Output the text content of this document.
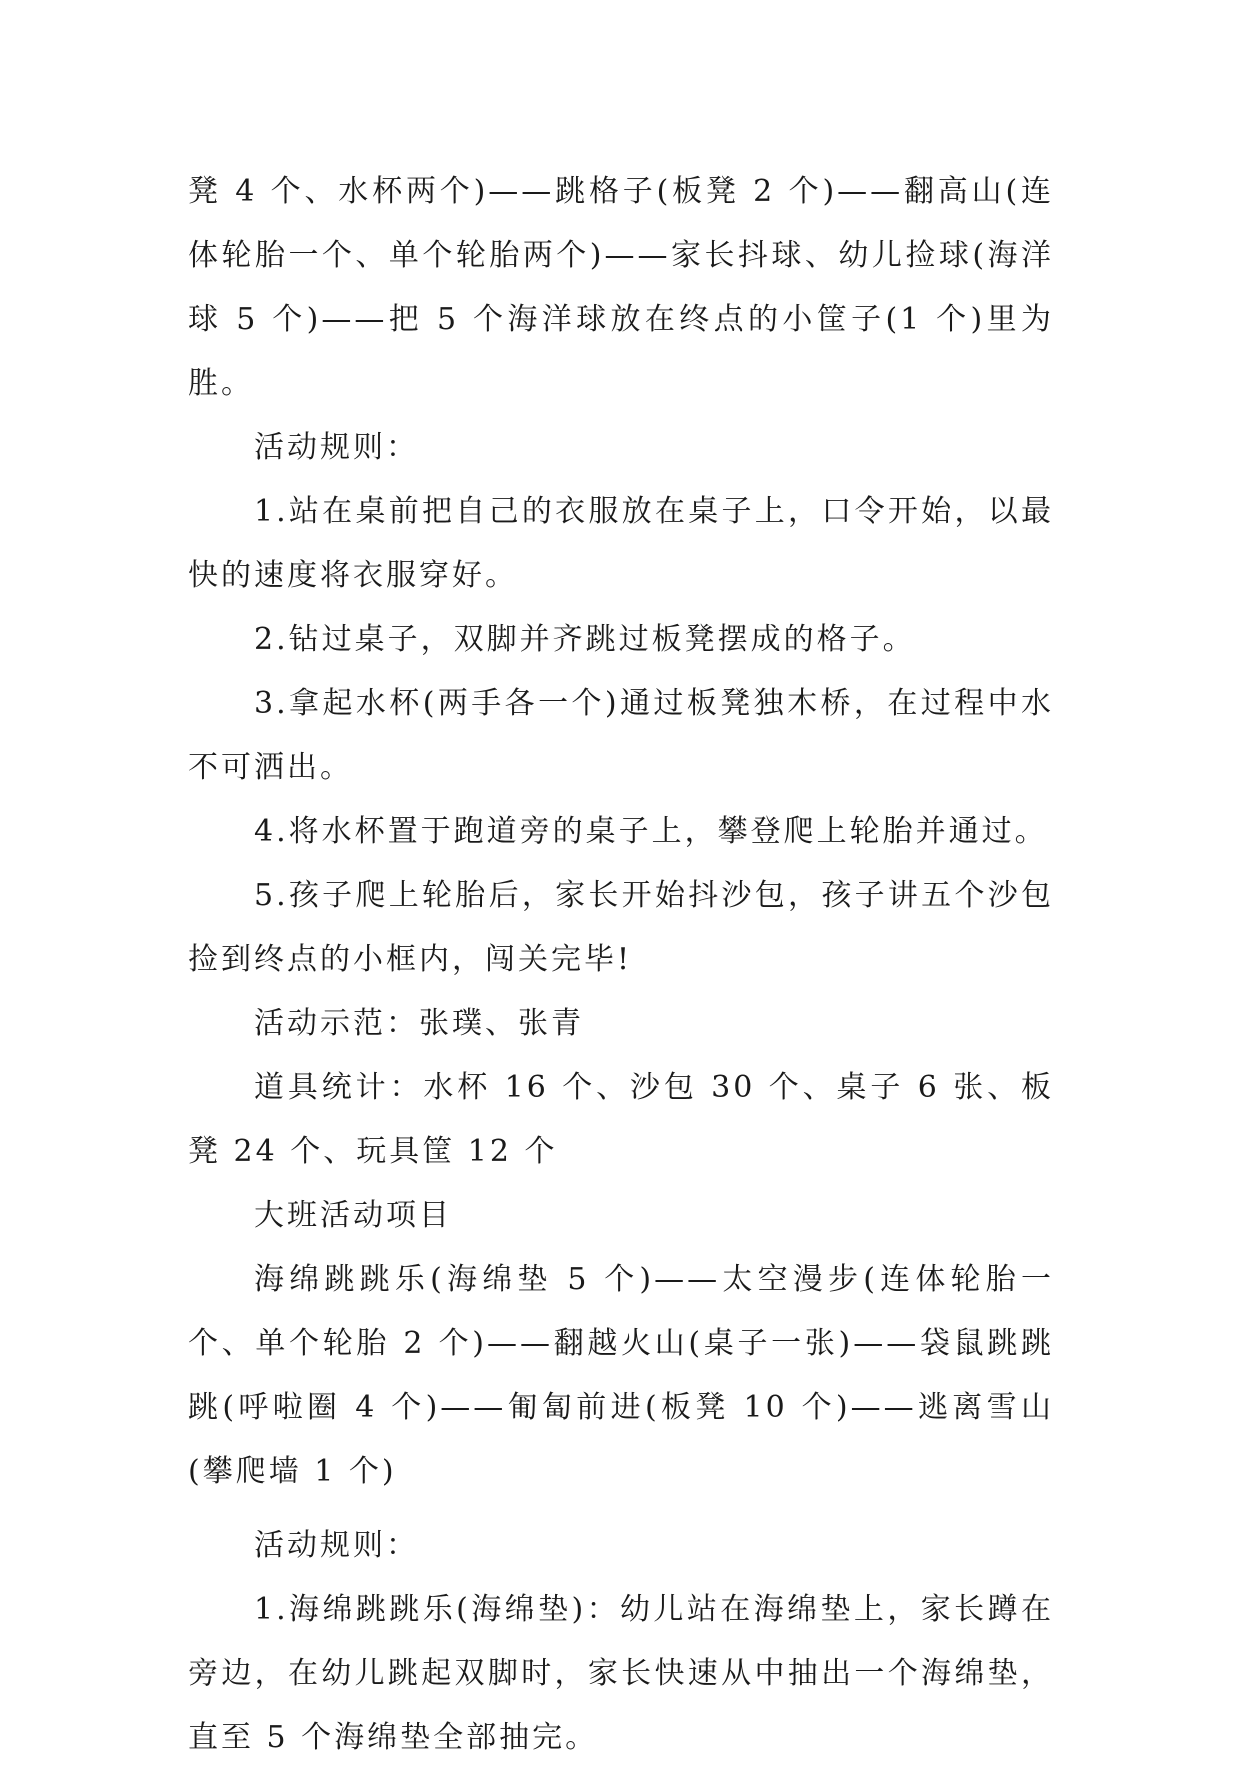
凳 4 个、水杯两个)——跳格子(板凳 2 个)——翻高山(连体轮胎一个、单个轮胎两个)——家长抖球、幼儿捡球(海洋球 5 个)——把 5 个海洋球放在终点的小筐子(1 个)里为胜。

活动规则：

1.站在桌前把自己的衣服放在桌子上，口令开始，以最快的速度将衣服穿好。

2.钻过桌子，双脚并齐跳过板凳摆成的格子。

3.拿起水杯(两手各一个)通过板凳独木桥，在过程中水不可洒出。

4.将水杯置于跑道旁的桌子上，攀登爬上轮胎并通过。

5.孩子爬上轮胎后，家长开始抖沙包，孩子讲五个沙包捡到终点的小框内，闯关完毕!

活动示范：张璞、张青

道具统计：水杯 16 个、沙包 30 个、桌子 6 张、板凳 24 个、玩具筐 12 个

大班活动项目

海绵跳跳乐(海绵垫 5 个)——太空漫步(连体轮胎一个、单个轮胎 2 个)——翻越火山(桌子一张)——袋鼠跳跳跳(呼啦圈 4 个)——匍匐前进(板凳 10 个)——逃离雪山(攀爬墙 1 个)

活动规则：

1.海绵跳跳乐(海绵垫)：幼儿站在海绵垫上，家长蹲在旁边，在幼儿跳起双脚时，家长快速从中抽出一个海绵垫，直至 5 个海绵垫全部抽完。
